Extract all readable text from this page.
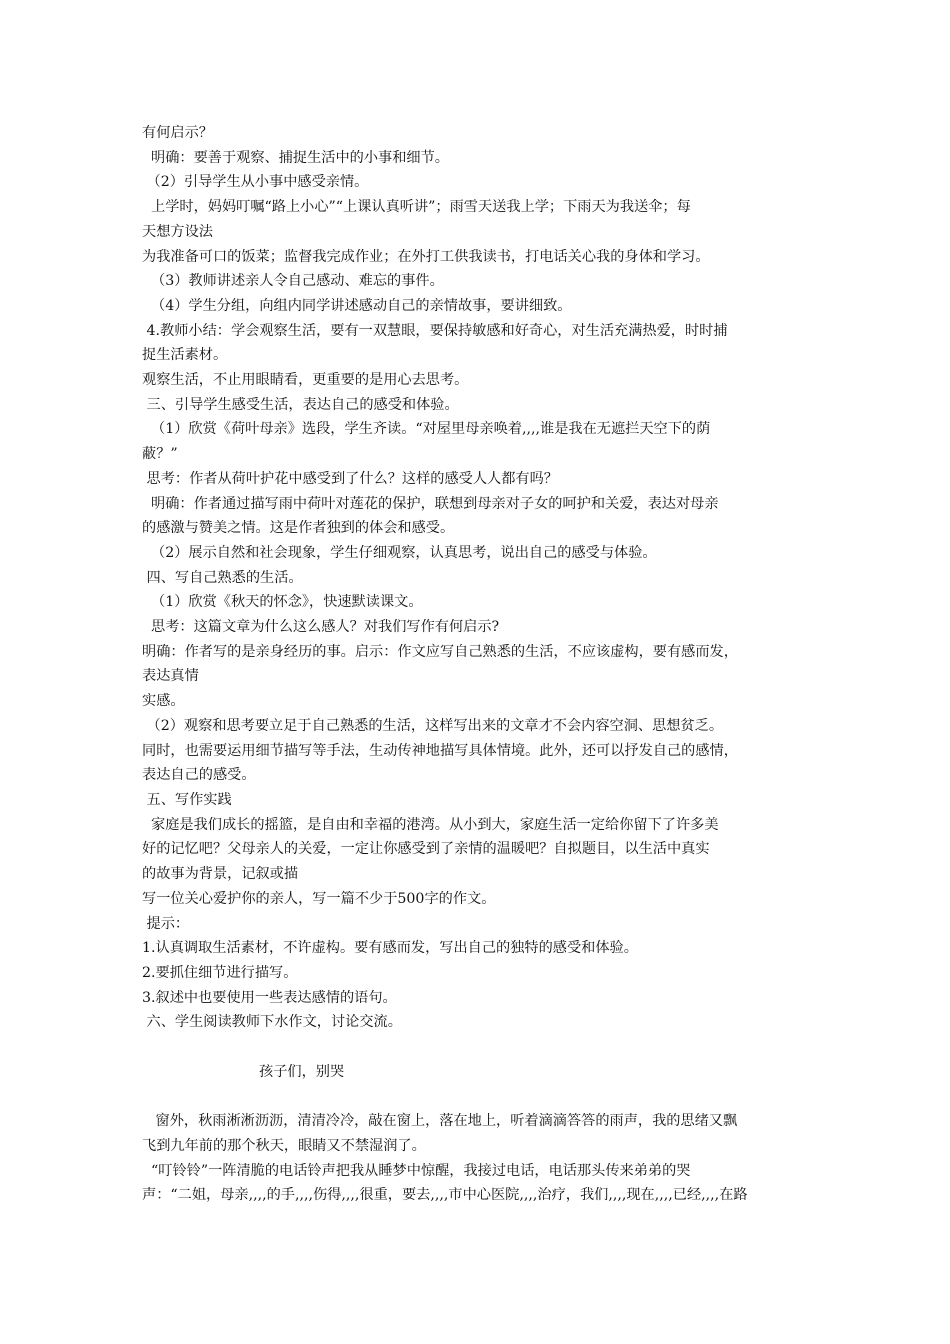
有何启示？
明确：要善于观察、捕捉生活中的小事和细节。
（2）引导学生从小事中感受亲情。
上学时，妈妈叮嘱“路上小心”“上课认真听讲”；雨雪天送我上学；下雨天为我送伞；每
天想方设法
为我准备可口的饭菜；监督我完成作业；在外打工供我读书，打电话关心我的身体和学习。
（3）教师讲述亲人令自己感动、难忘的事件。
（4）学生分组，向组内同学讲述感动自己的亲情故事，要讲细致。
4.教师小结：学会观察生活，要有一双慧眼，要保持敏感和好奇心，对生活充满热爱，时时捕
捉生活素材。
观察生活，不止用眼睛看，更重要的是用心去思考。
三、引导学生感受生活，表达自己的感受和体验。
（1）欣赏《荷叶母亲》选段，学生齐读。“对屋里母亲唤着,,,,谁是我在无遮拦天空下的荫
蔽？”
思考：作者从荷叶护花中感受到了什么？这样的感受人人都有吗？
明确：作者通过描写雨中荷叶对莲花的保护，联想到母亲对子女的呵护和关爱，表达对母亲
的感激与赞美之情。这是作者独到的体会和感受。
（2）展示自然和社会现象，学生仔细观察，认真思考，说出自己的感受与体验。
四、写自己熟悉的生活。
（1）欣赏《秋天的怀念》，快速默读课文。
思考：这篇文章为什么这么感人？对我们写作有何启示?
明确：作者写的是亲身经历的事。启示：作文应写自己熟悉的生活，不应该虚构，要有感而发，
表达真情
实感。
（2）观察和思考要立足于自己熟悉的生活，这样写出来的文章才不会内容空洞、思想贫乏。
同时，也需要运用细节描写等手法，生动传神地描写具体情境。此外，还可以抒发自己的感情，
表达自己的感受。
五、写作实践
家庭是我们成长的摇篮，是自由和幸福的港湾。从小到大，家庭生活一定给你留下了许多美
好的记忆吧？父母亲人的关爱，一定让你感受到了亲情的温暖吧？自拟题目，以生活中真实
的故事为背景，记叙或描
写一位关心爱护你的亲人，写一篇不少于500字的作文。
提示：
1.认真调取生活素材，不许虚构。要有感而发，写出自己的独特的感受和体验。
2.要抓住细节进行描写。
3.叙述中也要使用一些表达感情的语句。
六、学生阅读教师下水作文，讨论交流。
孩子们，别哭
窗外，秋雨淅淅沥沥，清清冷冷，敲在窗上，落在地上，听着滴滴答答的雨声，我的思绪又飘
飞到九年前的那个秋天，眼睛又不禁湿润了。
“叮铃铃”一阵清脆的电话铃声把我从睡梦中惊醒，我接过电话，电话那头传来弟弟的哭
声：“二姐，母亲,,,,的手,,,,伤得,,,,很重，要去,,,,市中心医院,,,,治疗，我们,,,,现在,,,,已经,,,,在路
